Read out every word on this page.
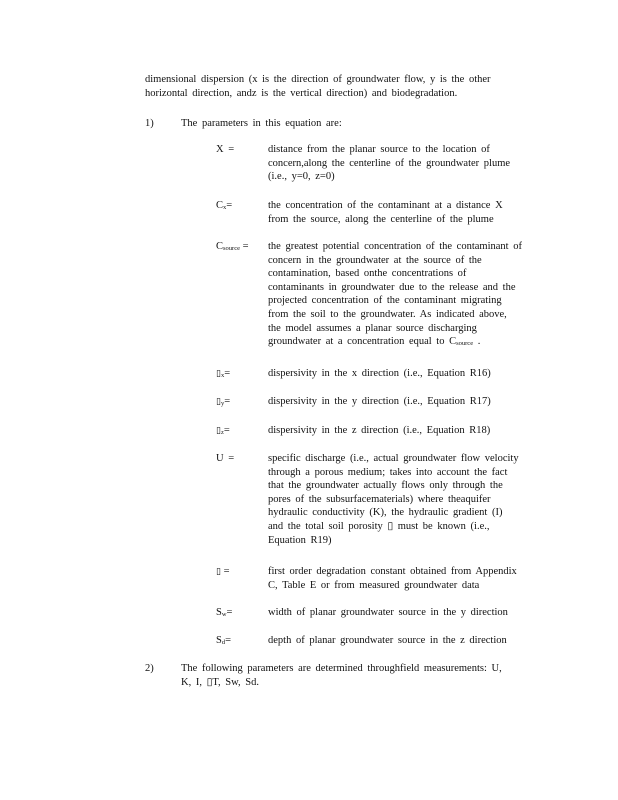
dimensional dispersion (x is the direction of groundwater flow, y is the other

horizontal direction, andz is the vertical direction) and biodegradation.

1)	The parameters in this equation are:
X =	distance from the planar source to the location of

concern,along the centerline of the groundwater plume

(i.e., y=0, z=0)

$C_x=$	the concentration of the contaminant at a distance X

from the source, along the centerline of the plume

$C_{source}$ = the greatest potential concentration of the contaminant of

concern in the groundwater at the source of the

contamination, based onthe concentrations of

contaminants in groundwater due to the release and the

projected concentration of the contaminant migrating

from the soil to the groundwater. As indicated above,

the model assumes a planar source discharging

groundwater at a concentration equal to $C_{source}$ .

$▯_x=$	dispersivity in the x direction (i.e., Equation R16)

$▯_y=$	dispersivity in the y direction (i.e., Equation R17)

$▯_z=$	dispersivity in the z direction (i.e., Equation R18)

U =	specific discharge (i.e., actual groundwater flow velocity

through a porous medium; takes into account the fact

that the groundwater actually flows only through the

pores of the subsurfacematerials) where theaquifer

hydraulic conductivity (K), the hydraulic gradient (I)

and the total soil porosity ▯ must be known (i.e.,

Equation R19)

▯ =	first order degradation constant obtained from Appendix

C, Table E or from measured groundwater data

$S_w=$	width of planar groundwater source in the y direction

$S_d=$	depth of planar groundwater source in the z direction

2)	The following parameters are determined throughfield measurements: U,
K, I, ▯T, Sw, Sd.
